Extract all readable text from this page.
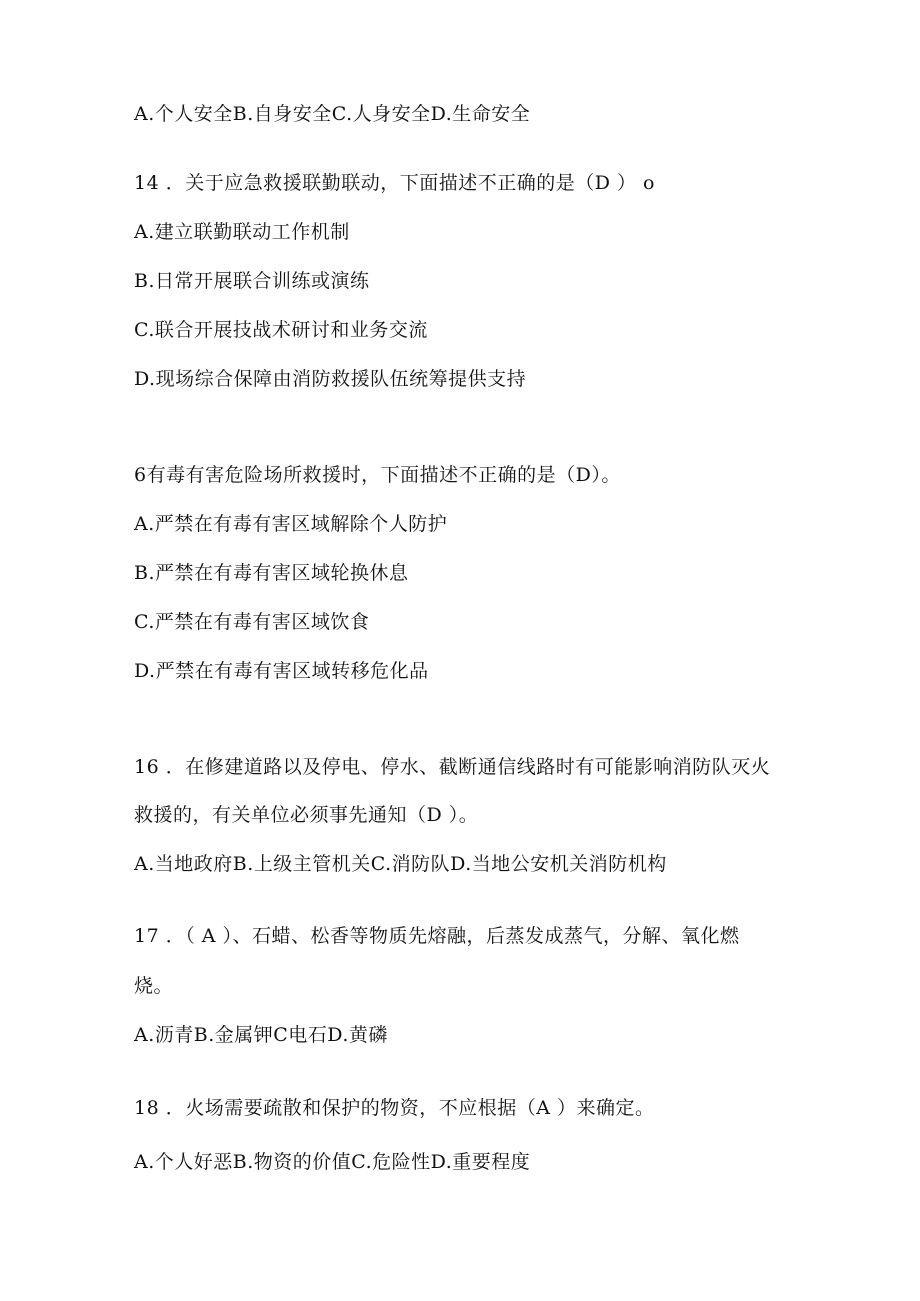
A.个人安全B.自身安全C.人身安全D.生命安全
14 ．关于应急救援联勤联动，下面描述不正确的是（D ） o
A.建立联勤联动工作机制
B.日常开展联合训练或演练
C.联合开展技战术研讨和业务交流
D.现场综合保障由消防救援队伍统筹提供支持
6有毒有害危险场所救援时，下面描述不正确的是（D）。
A.严禁在有毒有害区域解除个人防护
B.严禁在有毒有害区域轮换休息
C.严禁在有毒有害区域饮食
D.严禁在有毒有害区域转移危化品
16 ．在修建道路以及停电、停水、截断通信线路时有可能影响消防队灭火
救援的，有关单位必须事先通知（D ）。
A.当地政府B.上级主管机关C.消防队D.当地公安机关消防机构
17 ．（ A ）、石蜡、松香等物质先熔融，后蒸发成蒸气，分解、氧化燃
烧。
A.沥青B.金属钾C电石D.黄磷
18 ．火场需要疏散和保护的物资，不应根据（A ）来确定。
A.个人好恶B.物资的价值C.危险性D.重要程度
